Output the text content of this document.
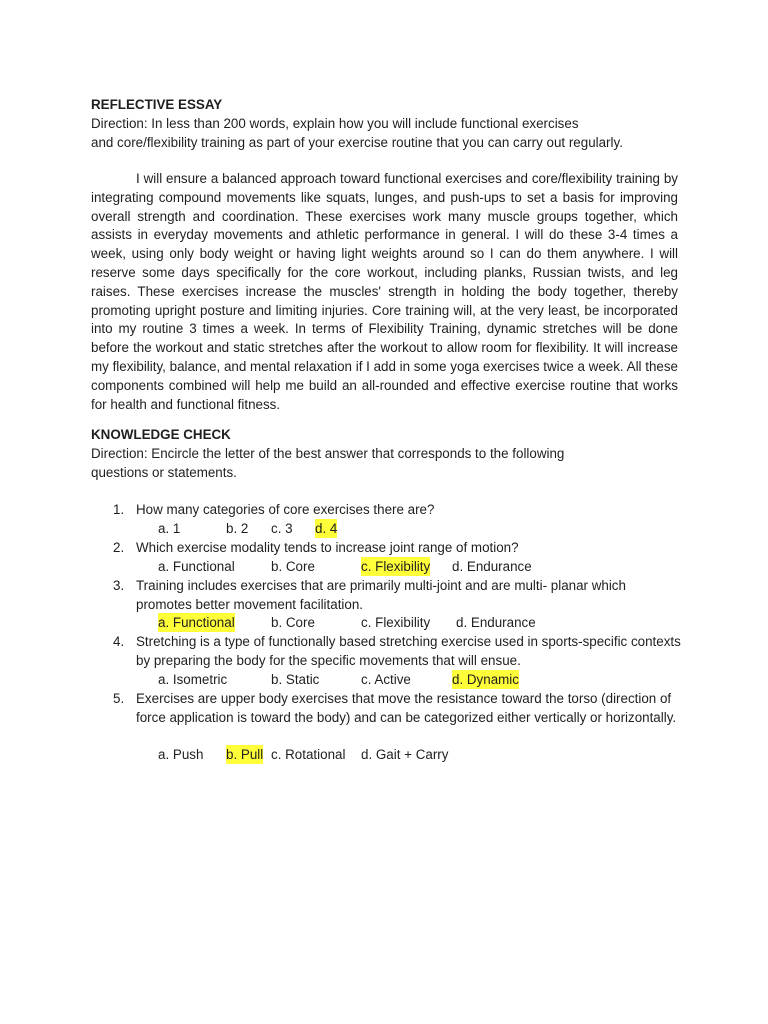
REFLECTIVE ESSAY
Direction: In less than 200 words, explain how you will include functional exercises
and core/flexibility training as part of your exercise routine that you can carry out regularly.

I will ensure a balanced approach toward functional exercises and core/flexibility training by integrating compound movements like squats, lunges, and push-ups to set a basis for improving overall strength and coordination. These exercises work many muscle groups together, which assists in everyday movements and athletic performance in general. I will do these 3-4 times a week, using only body weight or having light weights around so I can do them anywhere. I will reserve some days specifically for the core workout, including planks, Russian twists, and leg raises. These exercises increase the muscles' strength in holding the body together, thereby promoting upright posture and limiting injuries. Core training will, at the very least, be incorporated into my routine 3 times a week. In terms of Flexibility Training, dynamic stretches will be done before the workout and static stretches after the workout to allow room for flexibility. It will increase my flexibility, balance, and mental relaxation if I add in some yoga exercises twice a week. All these components combined will help me build an all-rounded and effective exercise routine that works for health and functional fitness.

KNOWLEDGE CHECK
Direction: Encircle the letter of the best answer that corresponds to the following
questions or statements.
1. How many categories of core exercises there are?
a. 1	b. 2 c. 3 d. 4
2. Which exercise modality tends to increase joint range of motion?
a. Functional	b. Core	c. Flexibility d. Endurance
3. Training includes exercises that are primarily multi-joint and are multi- planar which promotes better movement facilitation.
a. Functional	b. Core	c. Flexibility d. Endurance
4. Stretching is a type of functionally based stretching exercise used in sports-specific contexts by preparing the body for the specific movements that will ensue.
a. Isometric	b. Static	c. Active	d. Dynamic
5. Exercises are upper body exercises that move the resistance toward the torso (direction of force application is toward the body) and can be categorized either vertically or horizontally.
a. Push b. Pull c. Rotational d. Gait + Carry
